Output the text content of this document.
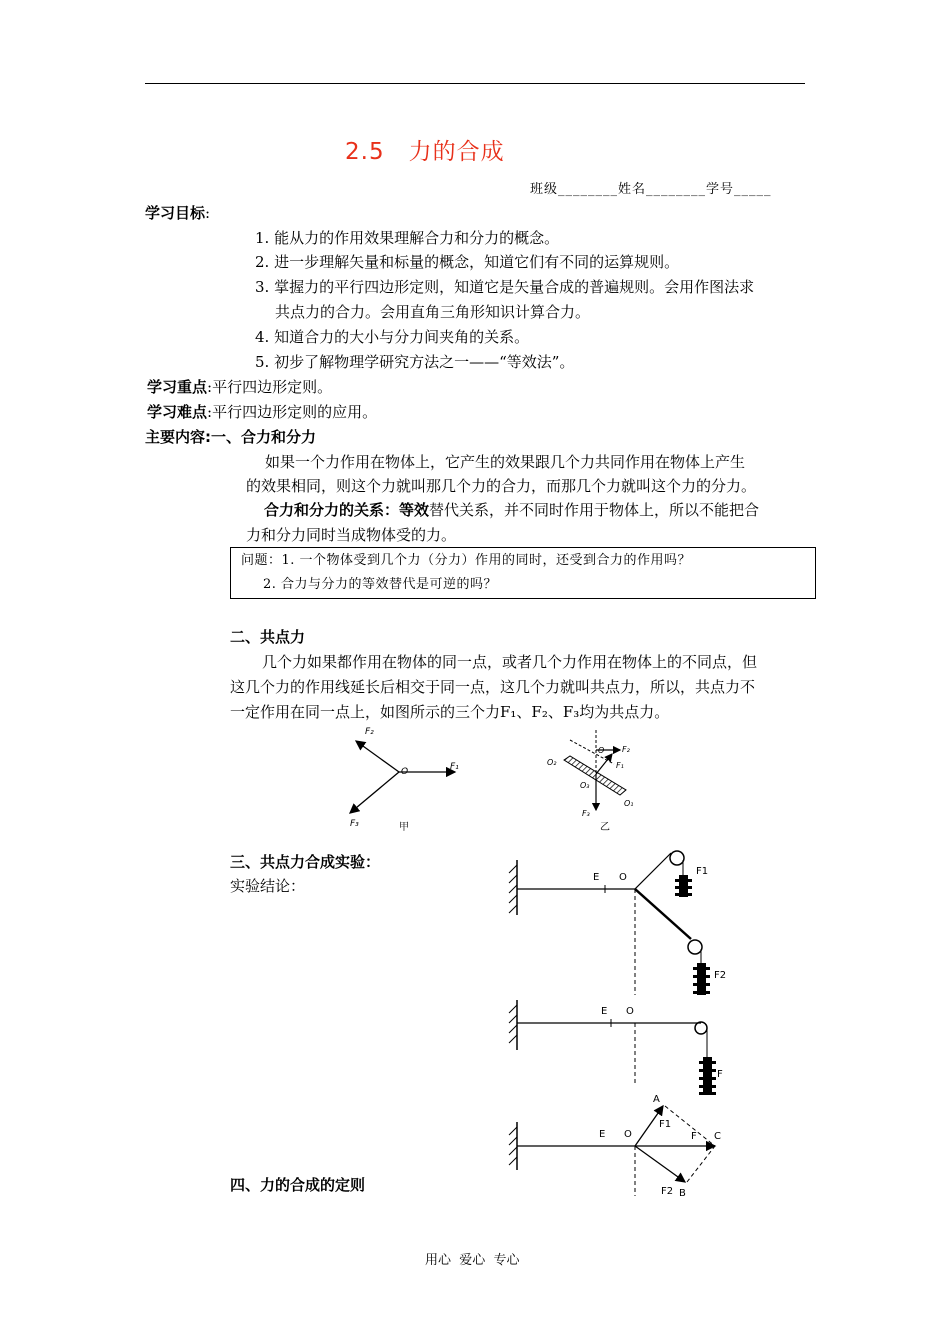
2.5　力的合成
班级________姓名________学号_____
学习目标:
1. 能从力的作用效果理解合力和分力的概念。
2. 进一步理解矢量和标量的概念，知道它们有不同的运算规则。
3. 掌握力的平行四边形定则，知道它是矢量合成的普遍规则。会用作图法求
共点力的合力。会用直角三角形知识计算合力。
4. 知道合力的大小与分力间夹角的关系。
5. 初步了解物理学研究方法之一——“等效法”。
学习重点:平行四边形定则。
学习难点:平行四边形定则的应用。
主要内容:一、合力和分力
如果一个力作用在物体上，它产生的效果跟几个力共同作用在物体上产生
的效果相同，则这个力就叫那几个力的合力，而那几个力就叫这个力的分力。
合力和分力的关系：等效替代关系，并不同时作用于物体上，所以不能把合
力和分力同时当成物体受的力。
问题：1. 一个物体受到几个力（分力）作用的同时，还受到合力的作用吗？
2. 合力与分力的等效替代是可逆的吗？
二、共点力
几个力如果都作用在物体的同一点，或者几个力作用在物体上的不同点，但
这几个力的作用线延长后相交于同一点，这几个力就叫共点力，所以，共点力不
一定作用在同一点上，如图所示的三个力F₁、F₂、F₃均为共点力。
F₂
O	F₁
F₃	甲
O F₂
O₂	F₁
O₃
O₁
F₃
乙
三、共点力合成实验：
实验结论：	E O
F1
F2
E O
F
四、力的合成的定则
A
F1
E O	F C
F2 B
用心  爱心  专心
